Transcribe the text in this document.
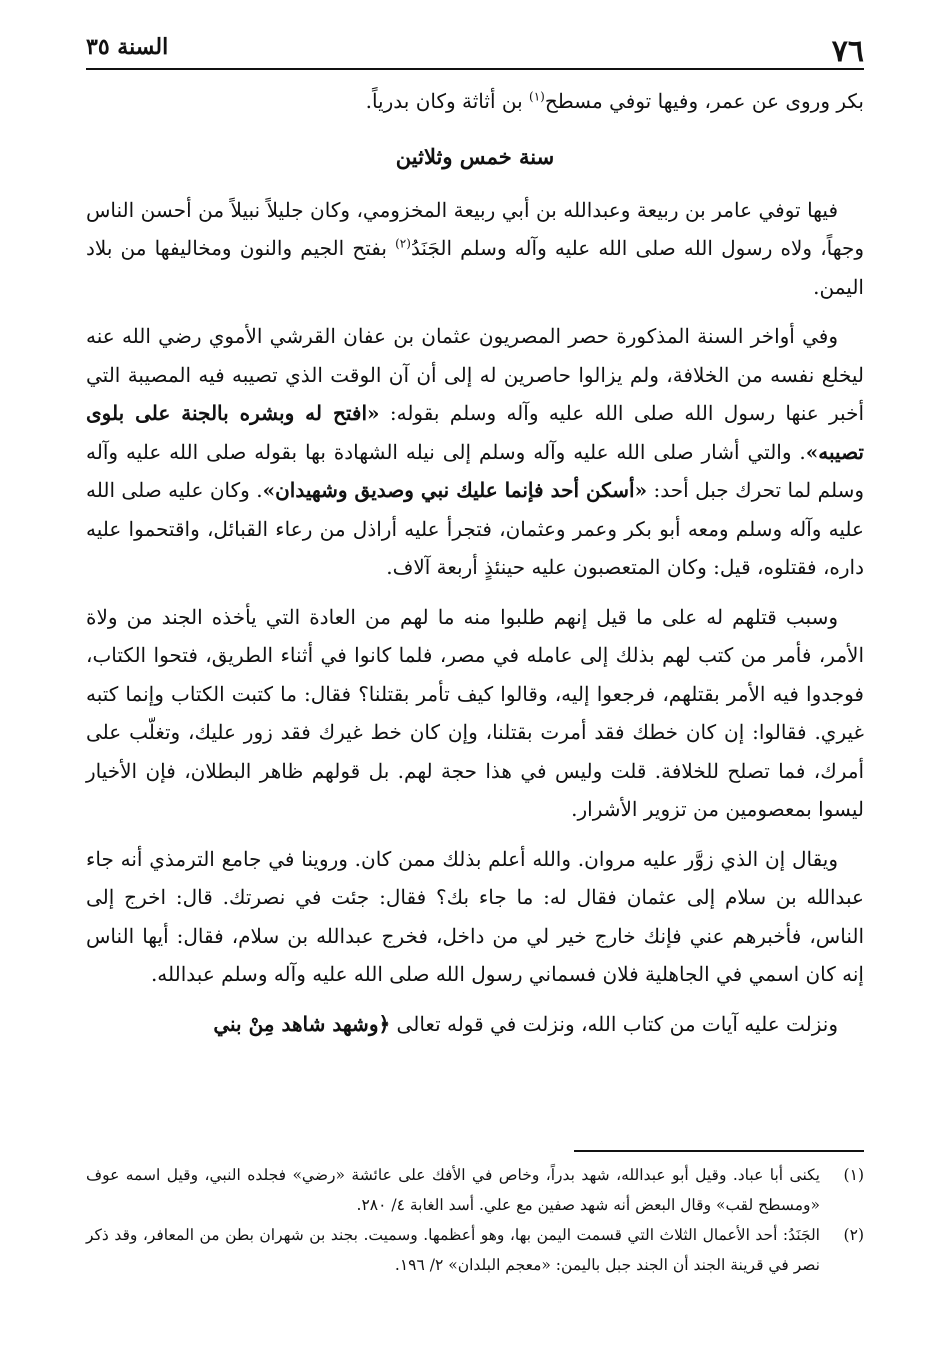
٧٦
السنة ٣٥

بكر وروى عن عمر، وفيها توفي مسطح$^{(١)}$ بن أثاثة وكان بدرياً.

سنة خمس وثلاثين

فيها توفي عامر بن ربيعة وعبدالله بن أبي ربيعة المخزومي، وكان جليلاً نبيلاً من أحسن الناس وجهاً، ولاه رسول الله صلى الله عليه وآله وسلم الجَنَدُ$^{(٢)}$ بفتح الجيم والنون ومخاليفها من بلاد اليمن.

وفي أواخر السنة المذكورة حصر المصريون عثمان بن عفان القرشي الأموي رضي الله عنه ليخلع نفسه من الخلافة، ولم يزالوا حاصرين له إلى أن آن الوقت الذي تصيبه فيه المصيبة التي أخبر عنها رسول الله صلى الله عليه وآله وسلم بقوله: «افتح له وبشره بالجنة على بلوى تصيبه». والتي أشار صلى الله عليه وآله وسلم إلى نيله الشهادة بها بقوله صلى الله عليه وآله وسلم لما تحرك جبل أحد: «أسكن أحد فإنما عليك نبي وصديق وشهيدان». وكان عليه صلى الله عليه وآله وسلم ومعه أبو بكر وعمر وعثمان، فتجرأ عليه أراذل من رعاء القبائل، واقتحموا عليه داره، فقتلوه، قيل: وكان المتعصبون عليه حينئذٍ أربعة آلاف.

وسبب قتلهم له على ما قيل إنهم طلبوا منه ما لهم من العادة التي يأخذه الجند من ولاة الأمر، فأمر من كتب لهم بذلك إلى عامله في مصر، فلما كانوا في أثناء الطريق، فتحوا الكتاب، فوجدوا فيه الأمر بقتلهم، فرجعوا إليه، وقالوا كيف تأمر بقتلنا؟ فقال: ما كتبت الكتاب وإنما كتبه غيري. فقالوا: إن كان خطك فقد أمرت بقتلنا، وإن كان خط غيرك فقد زور عليك، وتغلّب على أمرك، فما تصلح للخلافة. قلت وليس في هذا حجة لهم. بل قولهم ظاهر البطلان، فإن الأخيار ليسوا بمعصومين من تزوير الأشرار.

ويقال إن الذي زوَّر عليه مروان. والله أعلم بذلك ممن كان. وروينا في جامع الترمذي أنه جاء عبدالله بن سلام إلى عثمان فقال له: ما جاء بك؟ فقال: جئت في نصرتك. قال: اخرج إلى الناس، فأخبرهم عني فإنك خارج خير لي من داخل، فخرج عبدالله بن سلام، فقال: أيها الناس إنه كان اسمي في الجاهلية فلان فسماني رسول الله صلى الله عليه وآله وسلم عبدالله.

ونزلت عليه آيات من كتاب الله، ونزلت في قوله تعالى ﴿وشهد شاهد مِنْ بني

(١)
يكنى أبا عباد. وقيل أبو عبدالله، شهد بدراً، وخاص في الأفك على عائشة «رضي» فجلده النبي، وقيل اسمه عوف «ومسطح لقب» وقال البعض أنه شهد صفين مع علي. أسد الغابة ٤/ ٢٨٠.
(٢)
الجَنَدُ: أحد الأعمال الثلاث التي قسمت اليمن بها، وهو أعظمها. وسميت. بجند بن شهران بطن من المعافر، وقد ذكر نصر في قرينة الجند أن الجند جبل باليمن: «معجم البلدان» ٢/ ١٩٦.
